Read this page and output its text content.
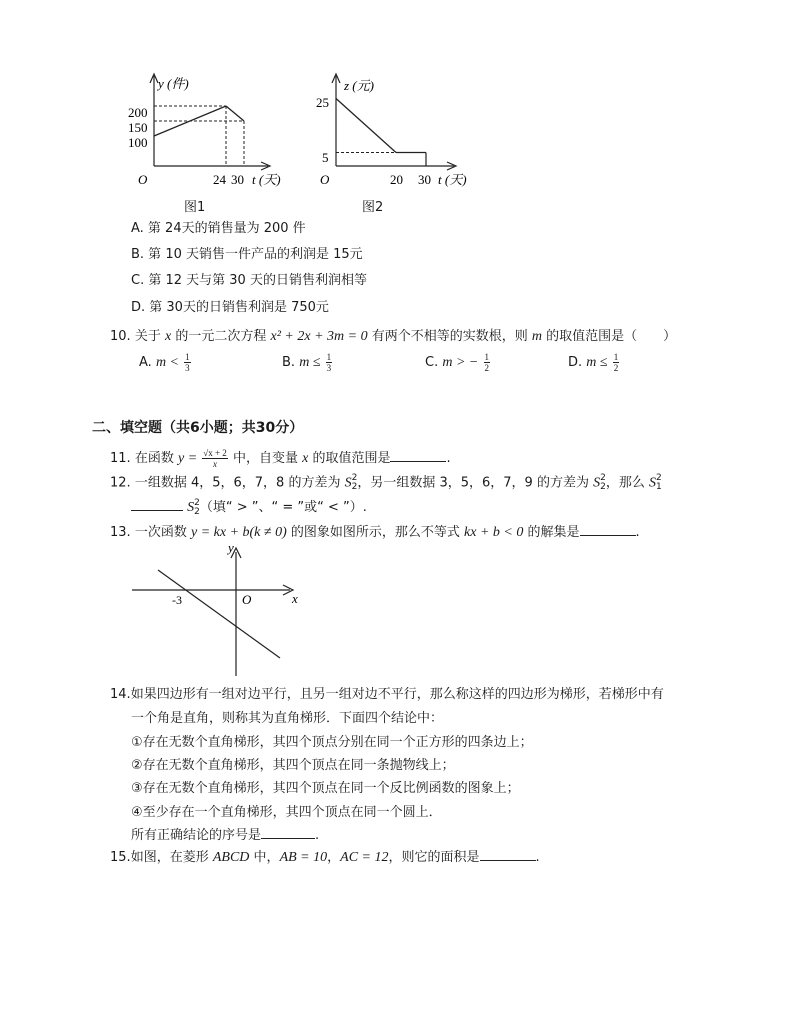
y (件)
t (天)
O
200
150
100
24 30
图1
z (元)
t (天)
O
25
5
20 30
图2
A. 第 24天的销售量为 200 件
B. 第 10 天销售一件产品的利润是 15元
C. 第 12 天与第 30 天的日销售利润相等
D. 第 30天的日销售利润是 750元
10. 关于 x 的一元二次方程 x² + 2x + 3m = 0 有两个不相等的实数根，则 m 的取值范围是（　　）
A. $m < \frac{1}{3}$	B. $m \le \frac{1}{3}$	C. m > − $\frac{1}{2}$	D. $m \le \frac{1}{2}$
二、填空题（共6小题；共30分）
11. 在函数 $y = \frac{√x + 2}{x}$ 中，自变量 x 的取值范围是	.
12. 一组数据 4，5，6，7，8 的方差为 S 2
2 ，另一组数据 3，5，6，7，9 的方差为 S 2
2 ，那么 S 2
1
S 2
2 （填“ > ”、“ = ”或“ < ”）.
13. 一次函数 y = kx + b(k ≠ 0) 的图象如图所示，那么不等式 kx + b < 0 的解集是	.
y
x
O
-3
14.如果四边形有一组对边平行，且另一组对边不平行，那么称这样的四边形为梯形，若梯形中有
一个角是直角，则称其为直角梯形．下面四个结论中：
①存在无数个直角梯形，其四个顶点分别在同一个正方形的四条边上；
②存在无数个直角梯形，其四个顶点在同一条抛物线上；
③存在无数个直角梯形，其四个顶点在同一个反比例函数的图象上；
④至少存在一个直角梯形，其四个顶点在同一个圆上．
所有正确结论的序号是	.
15.如图，在菱形 ABCD 中，AB = 10，AC = 12，则它的面积是	.
